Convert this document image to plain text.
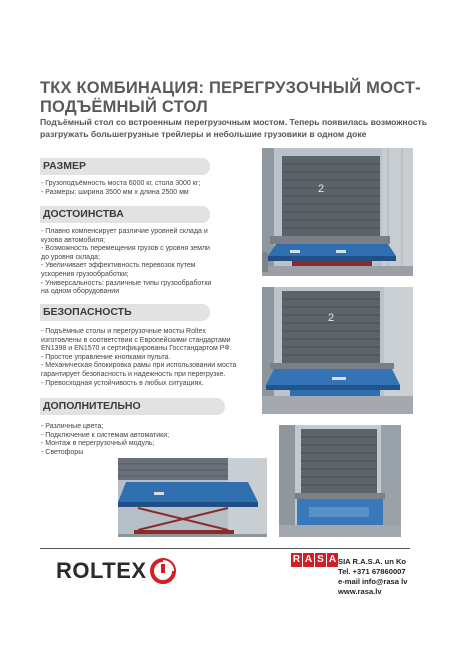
ТКХ КОМБИНАЦИЯ: ПЕРЕГРУЗОЧНЫЙ МОСТ-ПОДЪЁМНЫЙ СТОЛ
Подъёмный стол со встроенным перегрузочным мостом. Теперь появилась возможность разгружать большегрузные трейлеры и небольшие грузовики в одном доке
РАЗМЕР
- Грузоподъёмность моста 6000 кг, стола 3000 кг;
- Размеры: ширина 3500 мм х длина 2500 мм
ДОСТОИНСТВА
- Плавно компенсирует различие уровней склада и
кузова автомобиля;
- Возможность перемещения грузов с уровня земли
до уровня склада;
- Увеличивает эффективность перевозок путем
ускорения грузообработки;
- Универсальность: различные типы грузообработки
на одном оборудовании
БЕЗОПАСНОСТЬ
- Подъёмные столы и перегрузочные мосты Roltex
изготовлены в соответствии с Европейскими стандартами
EN1398 и EN1570 и сертифицированы Госстандартом РФ.
- Простое управление кнопками пульта.
- Механическая блокировка рамы при использовании моста
гарантирует безопасность и надежность при перегрузке.
- Превосходная устойчивость в любых ситуациях.
ДОПОЛНИТЕЛЬНО
- Различные цвета;
- Подключение к системам автоматики;
- Монтаж в перегрузочный модуль;
- Светофоры
2
2
ROLTEX	R A S A SIA R.A.S.A. un Ko
Tel. +371 67860007
e-mail info@rasa lv
www.rasa.lv
